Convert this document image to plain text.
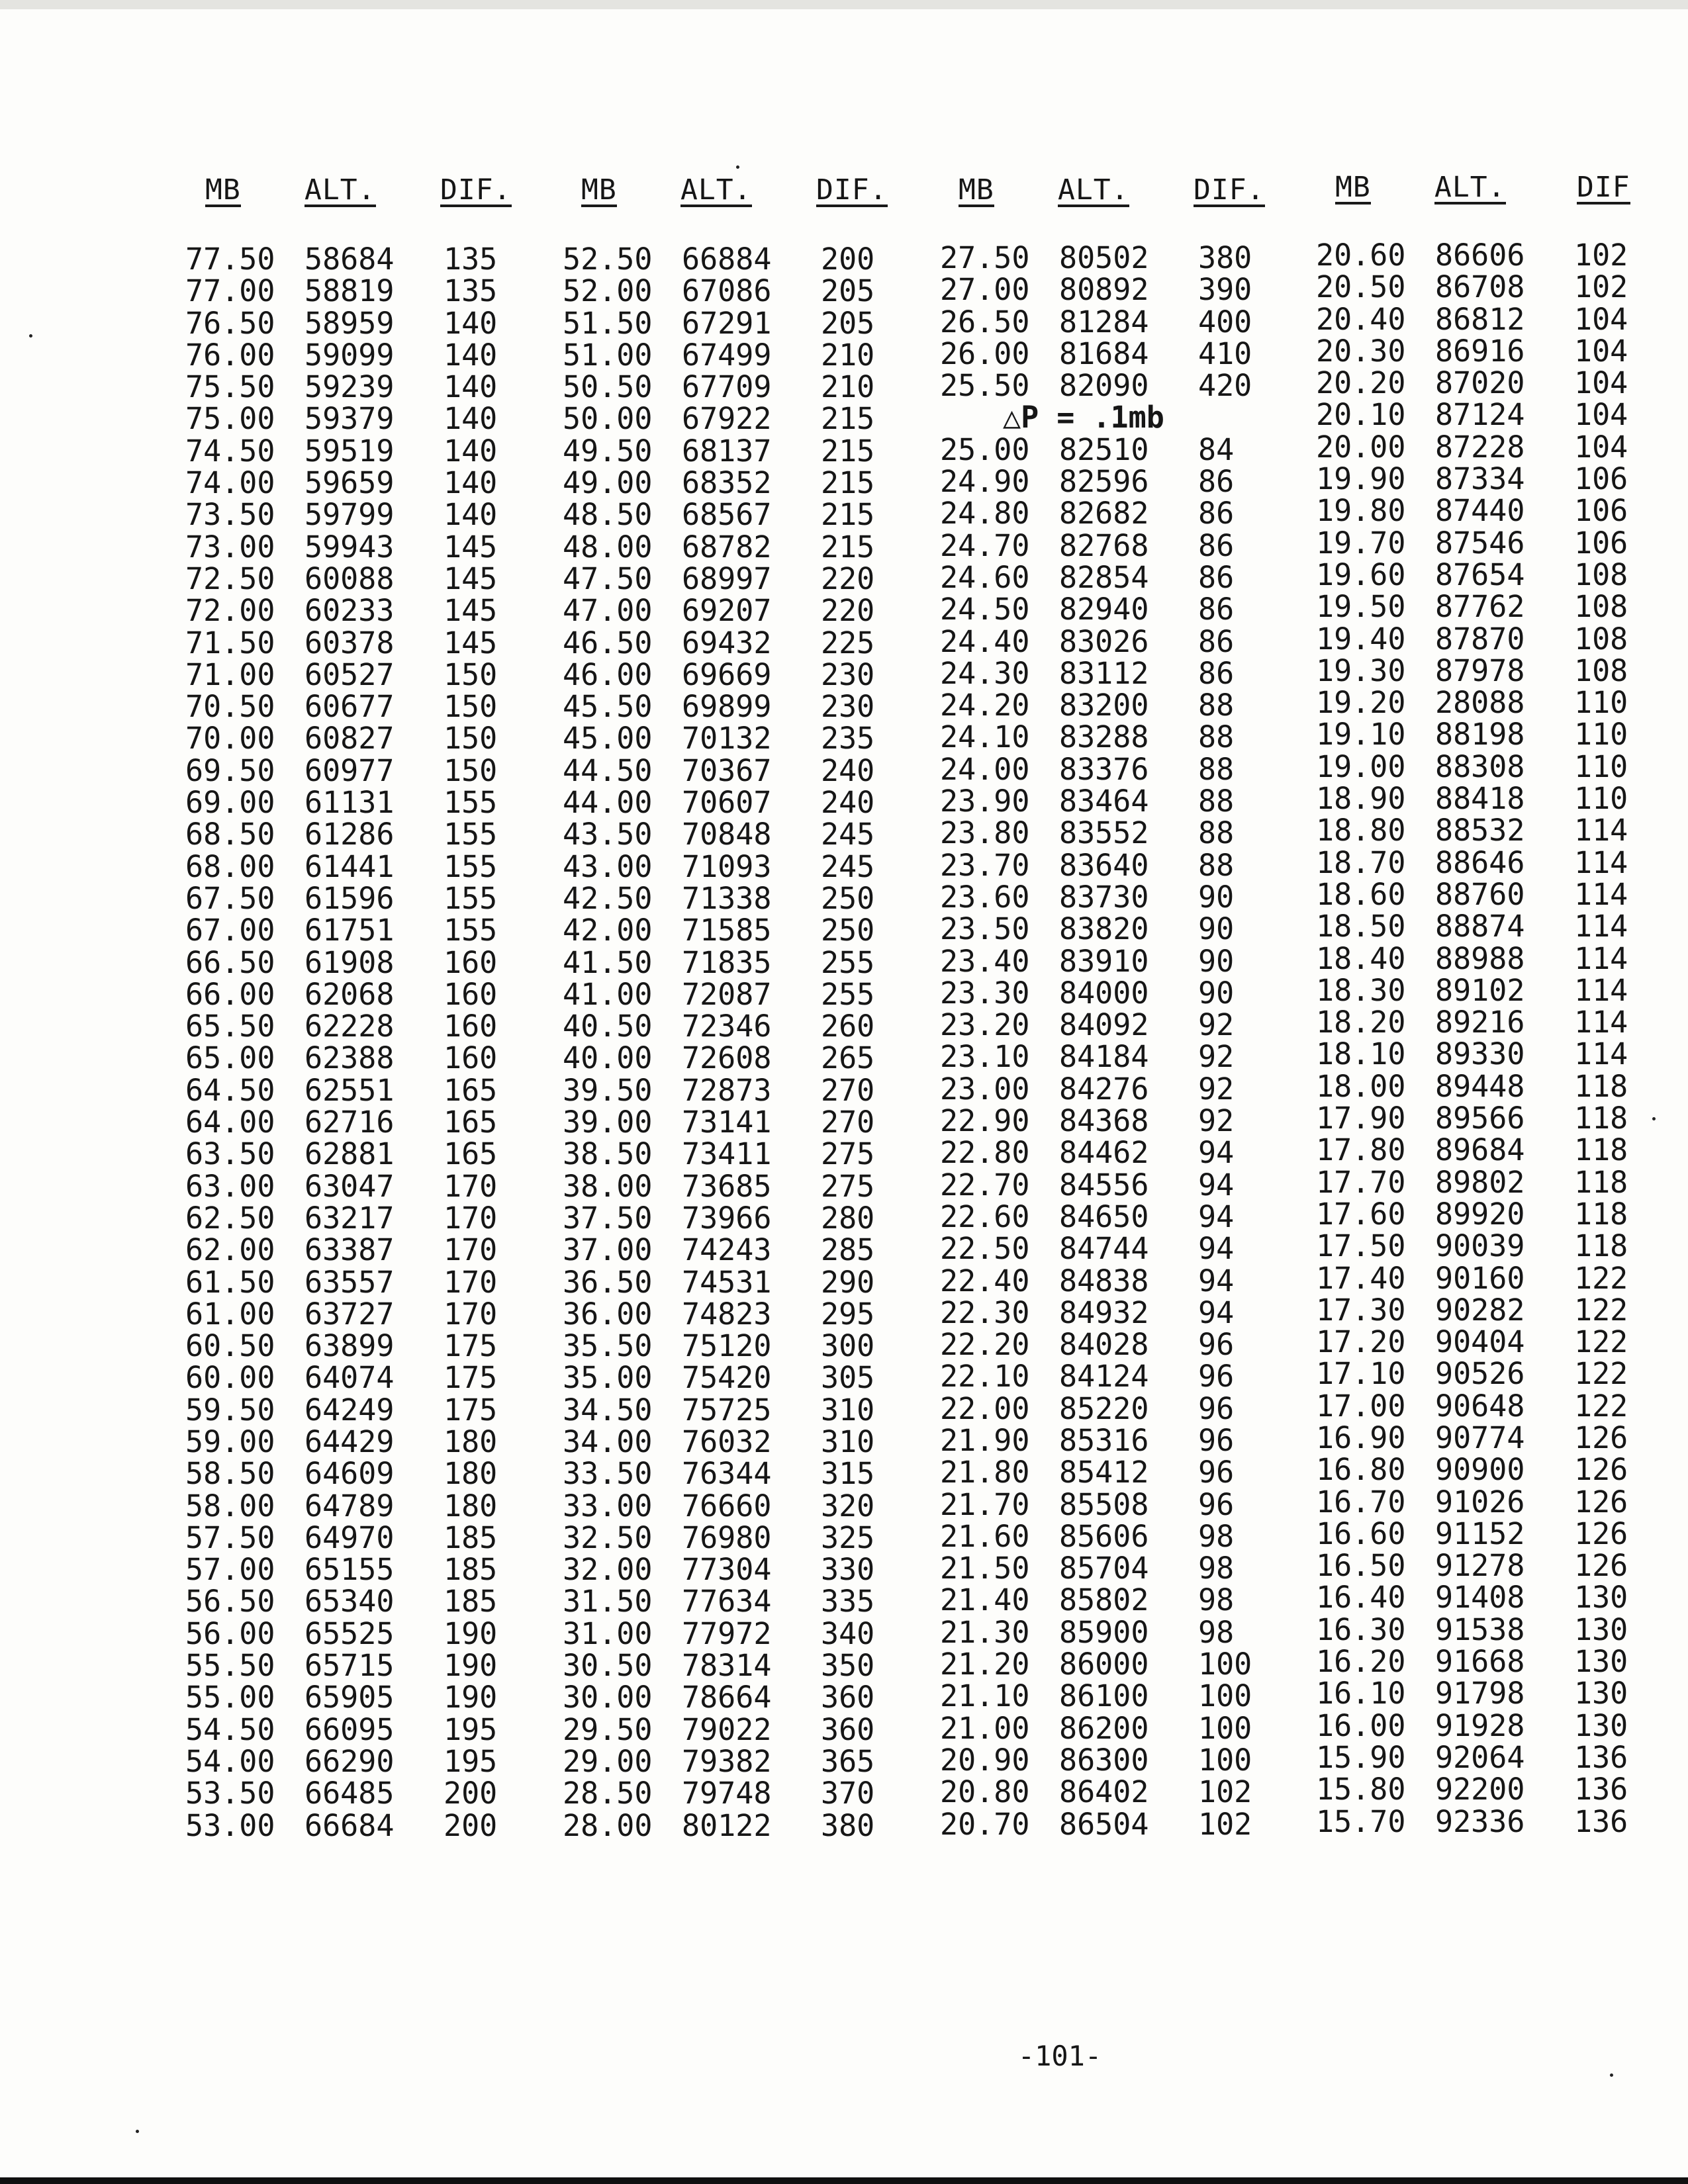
MB ALT. DIF. MB ALT. DIF. MB ALT. DIF. MB ALT. DIF
77.50 58684 135
77.00 58819 135
76.50 58959 140
76.00 59099 140
75.50 59239 140
75.00 59379 140
74.50 59519 140
74.00 59659 140
73.50 59799 140
73.00 59943 145
72.50 60088 145
72.00 60233 145
71.50 60378 145
71.00 60527 150
70.50 60677 150
70.00 60827 150
69.50 60977 150
69.00 61131 155
68.50 61286 155
68.00 61441 155
67.50 61596 155
67.00 61751 155
66.50 61908 160
66.00 62068 160
65.50 62228 160
65.00 62388 160
64.50 62551 165
64.00 62716 165
63.50 62881 165
63.00 63047 170
62.50 63217 170
62.00 63387 170
61.50 63557 170
61.00 63727 170
60.50 63899 175
60.00 64074 175
59.50 64249 175
59.00 64429 180
58.50 64609 180
58.00 64789 180
57.50 64970 185
57.00 65155 185
56.50 65340 185
56.00 65525 190
55.50 65715 190
55.00 65905 190
54.50 66095 195
54.00 66290 195
53.50 66485 200
53.00 66684 200
52.50 66884 200
52.00 67086 205
51.50 67291 205
51.00 67499 210
50.50 67709 210
50.00 67922 215
49.50 68137 215
49.00 68352 215
48.50 68567 215
48.00 68782 215
47.50 68997 220
47.00 69207 220
46.50 69432 225
46.00 69669 230
45.50 69899 230
45.00 70132 235
44.50 70367 240
44.00 70607 240
43.50 70848 245
43.00 71093 245
42.50 71338 250
42.00 71585 250
41.50 71835 255
41.00 72087 255
40.50 72346 260
40.00 72608 265
39.50 72873 270
39.00 73141 270
38.50 73411 275
38.00 73685 275
37.50 73966 280
37.00 74243 285
36.50 74531 290
36.00 74823 295
35.50 75120 300
35.00 75420 305
34.50 75725 310
34.00 76032 310
33.50 76344 315
33.00 76660 320
32.50 76980 325
32.00 77304 330
31.50 77634 335
31.00 77972 340
30.50 78314 350
30.00 78664 360
29.50 79022 360
29.00 79382 365
28.50 79748 370
28.00 80122 380
27.50 80502 380
27.00 80892 390
26.50 81284 400
26.00 81684 410
25.50 82090 420
△P = .1mb
25.00 82510 84
24.90 82596 86
24.80 82682 86
24.70 82768 86
24.60 82854 86
24.50 82940 86
24.40 83026 86
24.30 83112 86
24.20 83200 88
24.10 83288 88
24.00 83376 88
23.90 83464 88
23.80 83552 88
23.70 83640 88
23.60 83730 90
23.50 83820 90
23.40 83910 90
23.30 84000 90
23.20 84092 92
23.10 84184 92
23.00 84276 92
22.90 84368 92
22.80 84462 94
22.70 84556 94
22.60 84650 94
22.50 84744 94
22.40 84838 94
22.30 84932 94
22.20 84028 96
22.10 84124 96
22.00 85220 96
21.90 85316 96
21.80 85412 96
21.70 85508 96
21.60 85606 98
21.50 85704 98
21.40 85802 98
21.30 85900 98
21.20 86000 100
21.10 86100 100
21.00 86200 100
20.90 86300 100
20.80 86402 102
20.70 86504 102
20.60 86606 102
20.50 86708 102
20.40 86812 104
20.30 86916 104
20.20 87020 104
20.10 87124 104
20.00 87228 104
19.90 87334 106
19.80 87440 106
19.70 87546 106
19.60 87654 108
19.50 87762 108
19.40 87870 108
19.30 87978 108
19.20 28088 110
19.10 88198 110
19.00 88308 110
18.90 88418 110
18.80 88532 114
18.70 88646 114
18.60 88760 114
18.50 88874 114
18.40 88988 114
18.30 89102 114
18.20 89216 114
18.10 89330 114
18.00 89448 118
17.90 89566 118
17.80 89684 118
17.70 89802 118
17.60 89920 118
17.50 90039 118
17.40 90160 122
17.30 90282 122
17.20 90404 122
17.10 90526 122
17.00 90648 122
16.90 90774 126
16.80 90900 126
16.70 91026 126
16.60 91152 126
16.50 91278 126
16.40 91408 130
16.30 91538 130
16.20 91668 130
16.10 91798 130
16.00 91928 130
15.90 92064 136
15.80 92200 136
15.70 92336 136
-101-
